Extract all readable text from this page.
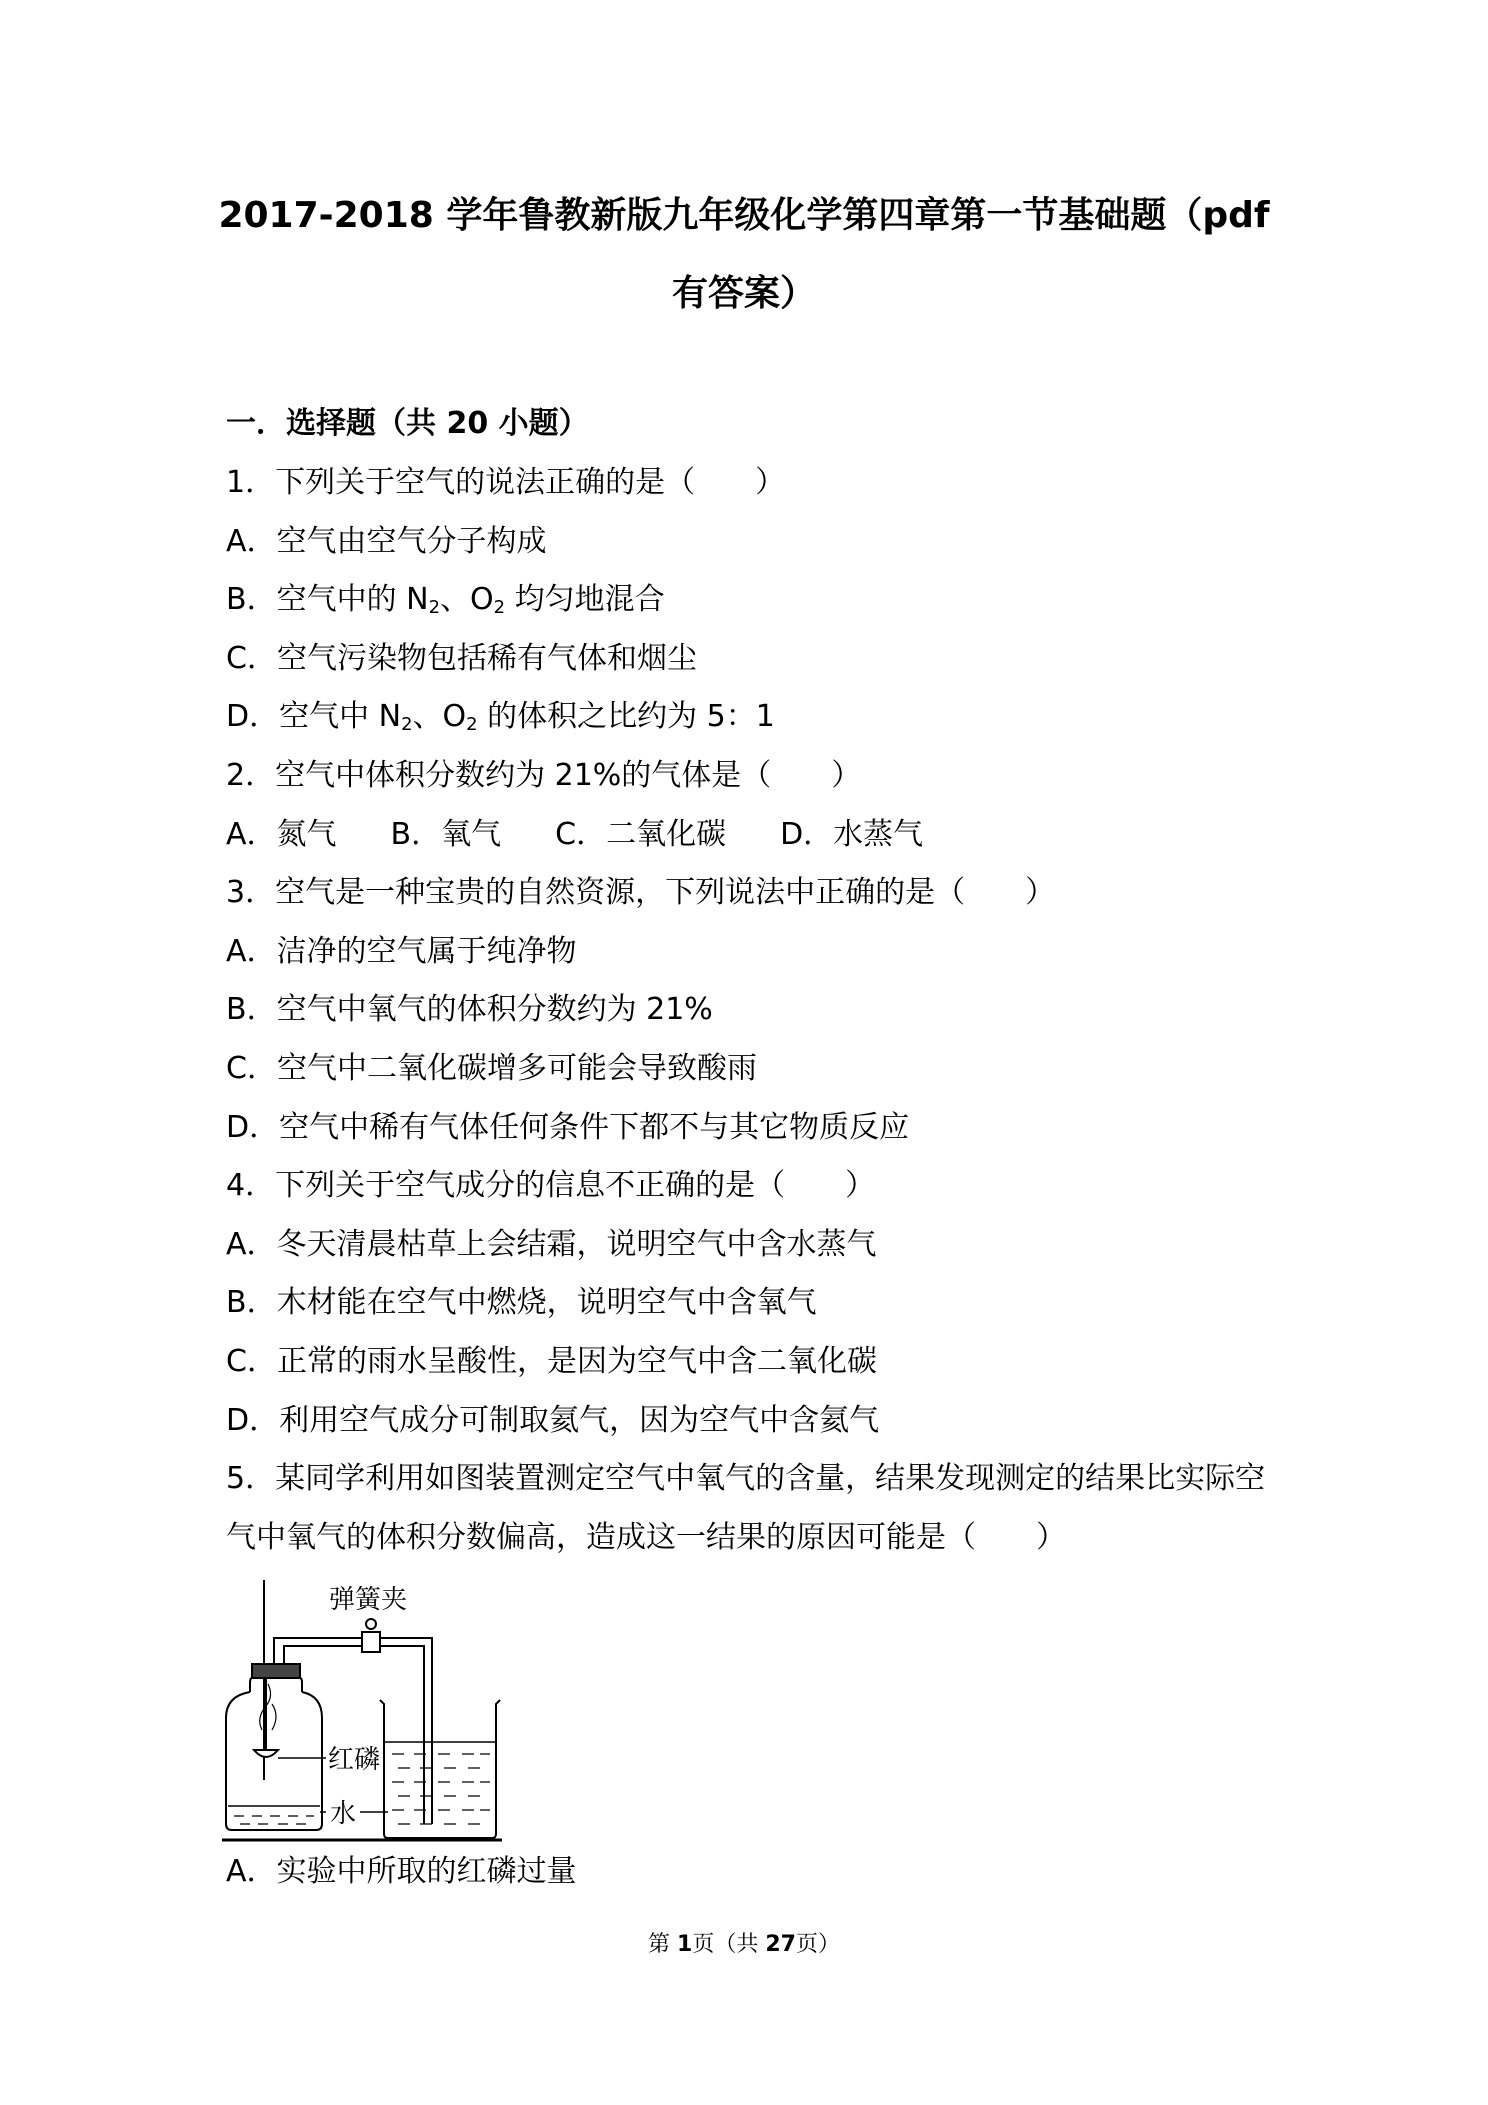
2017-2018 学年鲁教新版九年级化学第四章第一节基础题（pdf
有答案）

一．选择题（共 20 小题）

1．下列关于空气的说法正确的是（　　）

A．空气由空气分子构成

B．空气中的 $N_2$、$O_2$ 均匀地混合

C．空气污染物包括稀有气体和烟尘

D．空气中 $N_2$、$O_2$ 的体积之比约为 5：1

2．空气中体积分数约为 21%的气体是（　　）

A．氮气 B．氧气 C．二氧化碳 D．水蒸气

3．空气是一种宝贵的自然资源，下列说法中正确的是（　　）

A．洁净的空气属于纯净物

B．空气中氧气的体积分数约为 21%

C．空气中二氧化碳增多可能会导致酸雨

D．空气中稀有气体任何条件下都不与其它物质反应

4．下列关于空气成分的信息不正确的是（　　）

A．冬天清晨枯草上会结霜，说明空气中含水蒸气

B．木材能在空气中燃烧，说明空气中含氧气

C．正常的雨水呈酸性，是因为空气中含二氧化碳

D．利用空气成分可制取氦气，因为空气中含氦气

5．某同学利用如图装置测定空气中氧气的含量，结果发现测定的结果比实际空

气中氧气的体积分数偏高，造成这一结果的原因可能是（　　）

弹簧夹
红磷
水

A．实验中所取的红磷过量

第 1页（共 27页）
